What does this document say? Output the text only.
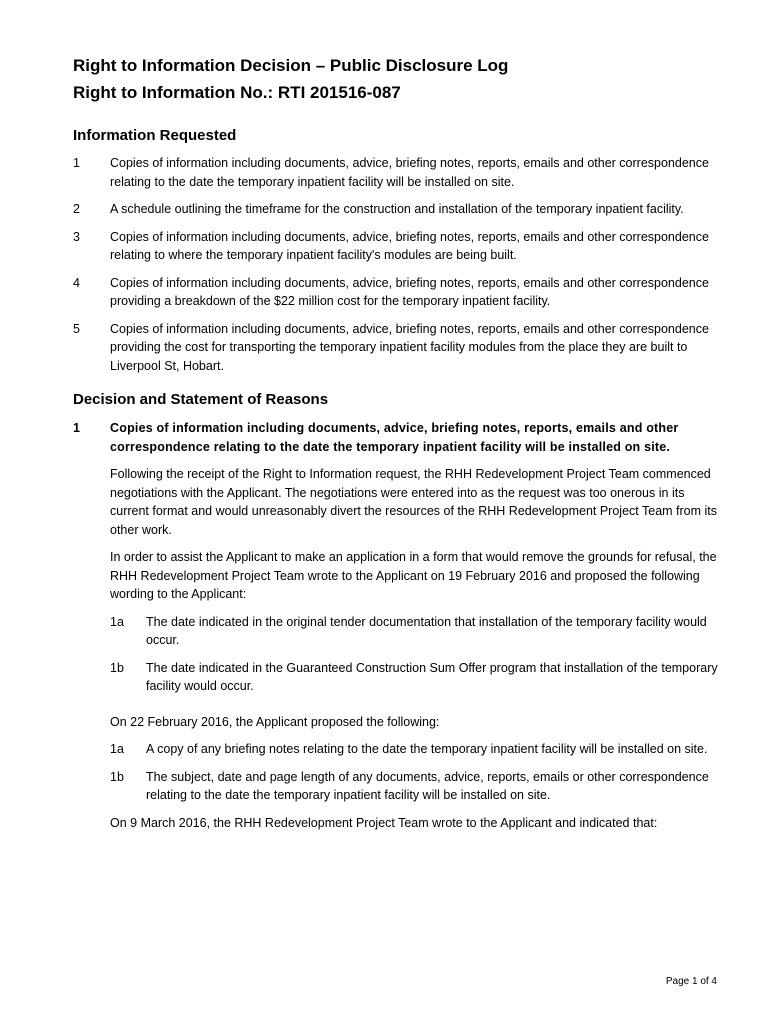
Right to Information Decision – Public Disclosure Log
Right to Information No.: RTI 201516-087
Information Requested
1	Copies of information including documents, advice, briefing notes, reports, emails and other correspondence relating to the date the temporary inpatient facility will be installed on site.
2	A schedule outlining the timeframe for the construction and installation of the temporary inpatient facility.
3	Copies of information including documents, advice, briefing notes, reports, emails and other correspondence relating to where the temporary inpatient facility's modules are being built.
4	Copies of information including documents, advice, briefing notes, reports, emails and other correspondence providing a breakdown of the $22 million cost for the temporary inpatient facility.
5	Copies of information including documents, advice, briefing notes, reports, emails and other correspondence providing the cost for transporting the temporary inpatient facility modules from the place they are built to Liverpool St, Hobart.
Decision and Statement of Reasons
1	Copies of information including documents, advice, briefing notes, reports, emails and other correspondence relating to the date the temporary inpatient facility will be installed on site.

Following the receipt of the Right to Information request, the RHH Redevelopment Project Team commenced negotiations with the Applicant. The negotiations were entered into as the request was too onerous in its current format and would unreasonably divert the resources of the RHH Redevelopment Project Team from its other work.

In order to assist the Applicant to make an application in a form that would remove the grounds for refusal, the RHH Redevelopment Project Team wrote to the Applicant on 19 February 2016 and proposed the following wording to the Applicant:

1a	The date indicated in the original tender documentation that installation of the temporary facility would occur.
1b	The date indicated in the Guaranteed Construction Sum Offer program that installation of the temporary facility would occur.

On 22 February 2016, the Applicant proposed the following:

1a	A copy of any briefing notes relating to the date the temporary inpatient facility will be installed on site.
1b	The subject, date and page length of any documents, advice, reports, emails or other correspondence relating to the date the temporary inpatient facility will be installed on site.

On 9 March 2016, the RHH Redevelopment Project Team wrote to the Applicant and indicated that:

Page 1 of 4
